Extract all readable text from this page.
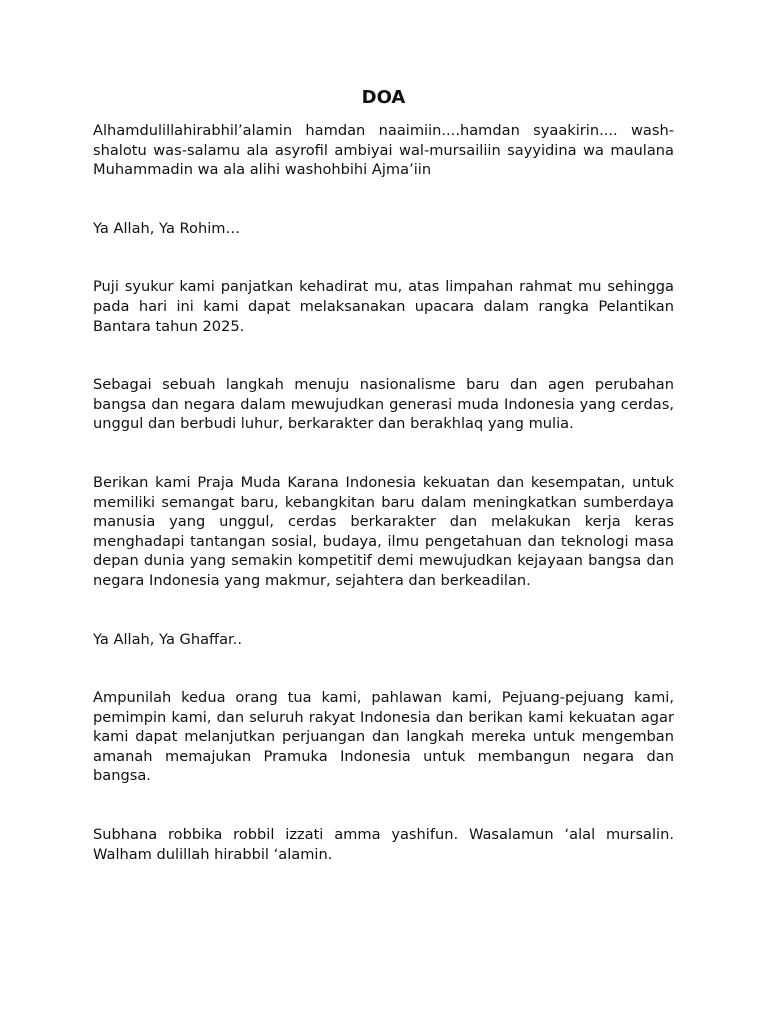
DOA

Alhamdulillahirabhil’alamin hamdan naaimiin....hamdan syaakirin.... wash-shalotu was-salamu ala asyrofil ambiyai wal-mursailiin sayyidina wa maulana Muhammadin wa ala alihi washohbihi Ajma’iin

Ya Allah, Ya Rohim…

Puji syukur kami panjatkan kehadirat mu, atas limpahan rahmat mu sehingga pada hari ini kami dapat melaksanakan upacara dalam rangka Pelantikan Bantara tahun 2025.

Sebagai sebuah langkah menuju nasionalisme baru dan agen perubahan bangsa dan negara dalam mewujudkan generasi muda Indonesia yang cerdas, unggul dan berbudi luhur, berkarakter dan berakhlaq yang mulia.

Berikan kami Praja Muda Karana Indonesia kekuatan dan kesempatan, untuk memiliki semangat baru, kebangkitan baru dalam meningkatkan sumberdaya manusia yang unggul, cerdas berkarakter dan melakukan kerja keras menghadapi tantangan sosial, budaya, ilmu pengetahuan dan teknologi masa depan dunia yang semakin kompetitif demi mewujudkan kejayaan bangsa dan negara Indonesia yang makmur, sejahtera dan berkeadilan.

Ya Allah, Ya Ghaffar..

Ampunilah kedua orang tua kami, pahlawan kami, Pejuang-pejuang kami, pemimpin kami, dan seluruh rakyat Indonesia dan berikan kami kekuatan agar kami dapat melanjutkan perjuangan dan langkah mereka untuk mengemban amanah memajukan Pramuka Indonesia untuk membangun negara dan bangsa.

Subhana robbika robbil izzati amma yashifun. Wasalamun ‘alal mursalin. Walham dulillah hirabbil ‘alamin.
